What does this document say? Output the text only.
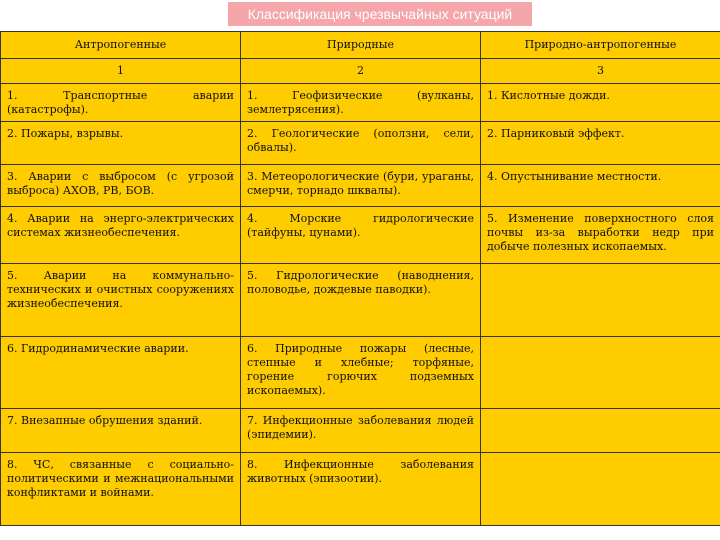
Классификация чрезвычайных ситуаций
Антропогенные	Природные	Природно-антропогенные
1	2	3
1. Транспортные аварии (катастрофы).	1. Геофизические (вулканы, землетрясения).	1. Кислотные дожди.
2. Пожары, взрывы.	2. Геологические (оползни, сели, обвалы).	2. Парниковый эффект.
3. Аварии с выбросом (с угрозой выброса) АХОВ, РВ, БОВ.	3. Метеорологические (бури, ураганы, смерчи, торнадо шквалы).	4. Опустынивание местности.
4. Аварии на энерго-электрических системах жизнеобеспечения.	4. Морские гидрологические (тайфуны, цунами).	5. Изменение поверхностного слоя почвы из-за выработки недр при добыче полезных ископаемых.
5. Аварии на коммунально-технических и очистных сооружениях жизнеобеспечения.	5. Гидрологические (наводнения, половодье, дождевые паводки).	
6. Гидродинамические аварии.	6. Природные пожары (лесные, степные и хлебные; торфяные, горение горючих подземных ископаемых).	
7. Внезапные обрушения зданий.	7. Инфекционные заболевания людей (эпидемии).	
8. ЧС, связанные с социально-политическими и межнациональными конфликтами и войнами.	8. Инфекционные заболевания животных (эпизоотии).	
